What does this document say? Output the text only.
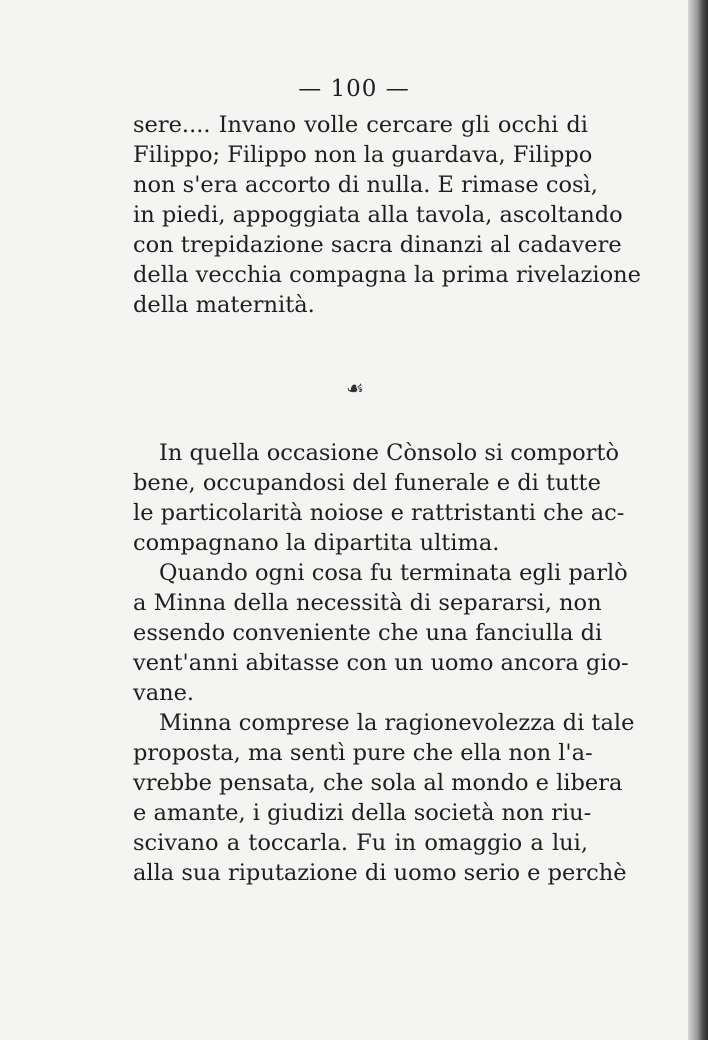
— 100 —
sere.... Invano volle cercare gli occhi di
Filippo; Filippo non la guardava, Filippo
non s'era accorto di nulla. E rimase così,
in piedi, appoggiata alla tavola, ascoltando
con trepidazione sacra dinanzi al cadavere
della vecchia compagna la prima rivelazione
della maternità.
☙
In quella occasione Cònsolo si comportò
bene, occupandosi del funerale e di tutte
le particolarità noiose e rattristanti che ac-
compagnano la dipartita ultima.
Quando ogni cosa fu terminata egli parlò
a Minna della necessità di separarsi, non
essendo conveniente che una fanciulla di
vent'anni abitasse con un uomo ancora gio-
vane.
Minna comprese la ragionevolezza di tale
proposta, ma sentì pure che ella non l'a-
vrebbe pensata, che sola al mondo e libera
e amante, i giudizi della società non riu-
scivano a toccarla. Fu in omaggio a lui,
alla sua riputazione di uomo serio e perchè
